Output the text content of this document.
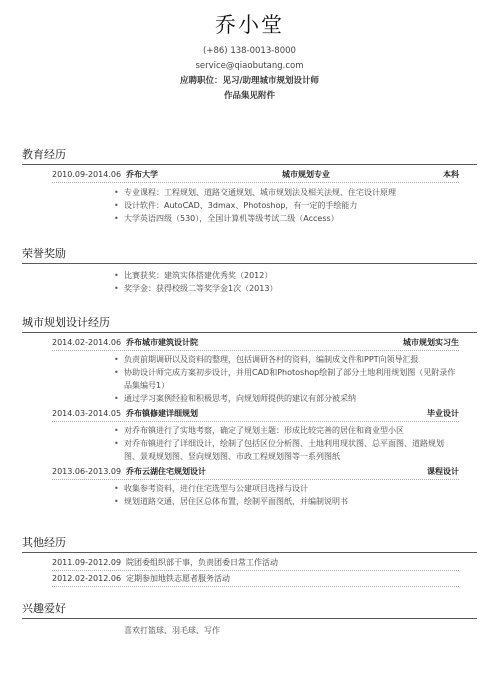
乔小堂
(+86) 138-0013-8000
service@qiaobutang.com
应聘职位：见习/助理城市规划设计师
作品集见附件
教育经历
2010.09-2014.06 乔布大学	城市规划专业	本科
• 专业课程：工程规划、道路交通规划、城市规划法及相关法规、住宅设计原理
• 设计软件：AutoCAD、3dmax、Photoshop，有一定的手绘能力
• 大学英语四级（530），全国计算机等级考试二级（Access）
荣誉奖励
• 比赛获奖：建筑实体搭建优秀奖（2012）
• 奖学金：获得校级二等奖学金1次（2013）
城市规划设计经历
2014.02-2014.06 乔布城市建筑设计院	城市规划实习生
• 负责前期调研以及资料的整理，包括调研各村的资料，编制成文件和PPT向领导汇报
• 协助设计师完成方案初步设计，并用CAD和Photoshop绘制了部分土地利用规划图（见附录作品集编号1）
• 通过学习案例经验和积极思考，向规划师提供的建议有部分被采纳
2014.03-2014.05 乔布镇修建详细规划	毕业设计
• 对乔布镇进行了实地考察，确定了规划主题：形成比较完善的居住和商业型小区
• 对乔布镇进行了详细设计，绘制了包括区位分析图、土地利用现状图、总平面图、道路规划图、景观规划图、竖向规划图、市政工程规划图等一系列图纸
2013.06-2013.09 乔布云湖住宅规划设计	课程设计
• 收集参考资料，进行住宅选型与公建项目选择与设计
• 规划道路交通，居住区总体布置，绘制平面图纸，并编制说明书
其他经历
2011.09-2012.09 院团委组织部干事，负责团委日常工作活动
2012.02-2012.06 定期参加地铁志愿者服务活动
兴趣爱好
喜欢打篮球、羽毛球、写作
